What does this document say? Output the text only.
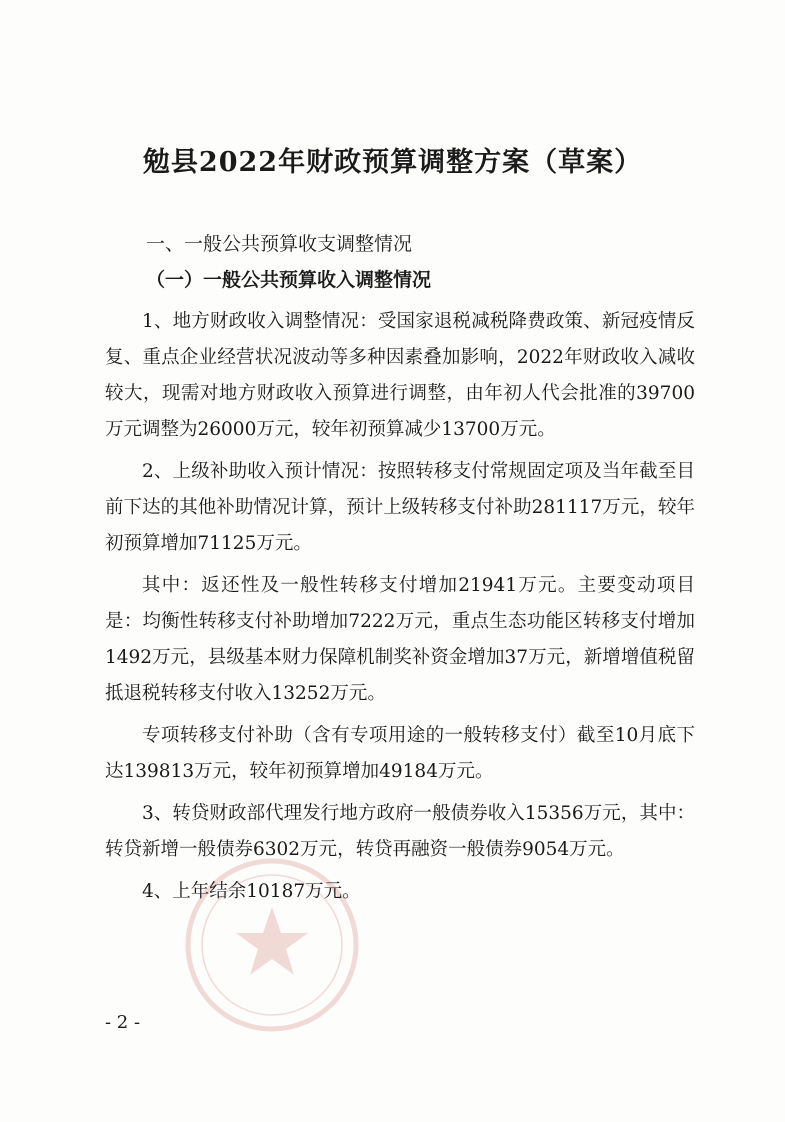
勉县2022年财政预算调整方案（草案）
一、一般公共预算收支调整情况
（一）一般公共预算收入调整情况

1、地方财政收入调整情况：受国家退税减税降费政策、新冠疫情反复、重点企业经营状况波动等多种因素叠加影响，2022年财政收入减收较大，现需对地方财政收入预算进行调整，由年初人代会批准的39700万元调整为26000万元，较年初预算减少13700万元。

2、上级补助收入预计情况：按照转移支付常规固定项及当年截至目前下达的其他补助情况计算，预计上级转移支付补助281117万元，较年初预算增加71125万元。

其中：返还性及一般性转移支付增加21941万元。主要变动项目是：均衡性转移支付补助增加7222万元，重点生态功能区转移支付增加1492万元，县级基本财力保障机制奖补资金增加37万元，新增增值税留抵退税转移支付收入13252万元。

专项转移支付补助（含有专项用途的一般转移支付）截至10月底下达139813万元，较年初预算增加49184万元。

3、转贷财政部代理发行地方政府一般债券收入15356万元，其中：转贷新增一般债券6302万元，转贷再融资一般债券9054万元。

4、上年结余10187万元。

- 2 -
